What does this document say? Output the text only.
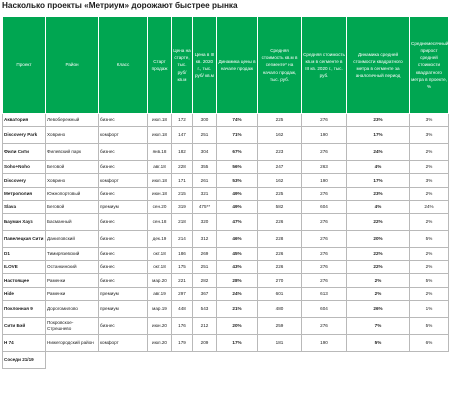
Насколько проекты «Метриум» дорожают быстрее рынка
Проект	Район	Класс	Старт продаж	Цена на старте, тыс. руб/ кв.м	Цена в III кв. 2020 г., тыс. руб/ кв.м	Динамика цены в начале продаж	Средняя стоимость кв.м в сегменте* на начало продаж, тыс. руб.	Средняя стоимость кв.м в сегменте в III кв. 2020 г., тыс. руб.	Динамика средней стоимости квадратного метра в сегменте за аналогичный период	Среднемесячный прирост средней стоимости квадратного метра в проекте, %
Акватория	Левобережный	бизнес	июл.18	172	300	74%	225	276	23%	3%
Discovery Park	Ховрино	комфорт	июл.18	147	251	71%	162	190	17%	3%
Фили Сити	Филевский парк	бизнес	янв.18	182	304	67%	223	276	24%	2%
Soho+Noho	Беговой	бизнес	авг.18	228	355	56%	247	263	4%	2%
Discovery	Ховрино	комфорт	июл.18	171	261	53%	162	190	17%	3%
Метрополия	Южнопортовый	бизнес	июн.18	215	321	49%	225	276	23%	2%
Slava	Беговой	премиум	сен.20	319	475**	49%	582	604	4%	24%
Бауман Хауз	Басманный	бизнес	сен.18	218	320	47%	226	276	22%	2%
Павелецкая Сити	Даниловский	бизнес	дек.19	214	312	46%	228	276	20%	5%
D1	Тимирязевский	бизнес	окт.18	186	269	45%	226	276	22%	2%
ILOVE	Останкинский	бизнес	окт.18	175	251	43%	226	276	22%	2%
Настоящее	Раменки	бизнес	мар.20	221	282	28%	270	276	2%	5%
Hide	Раменки	премиум	авг.19	297	367	24%	601	613	2%	2%
Поклонная 9	Дорогомилово	премиум	мар.19	448	543	21%	480	604	26%	1%
Сити Бэй	Покровское-Стрешнево	бизнес	июн.20	176	212	20%	259	276	7%	5%
Н 74	Нижегородский район	комфорт	июл.20	179	209	17%	181	190	5%	6%
Соседи 21/19										
